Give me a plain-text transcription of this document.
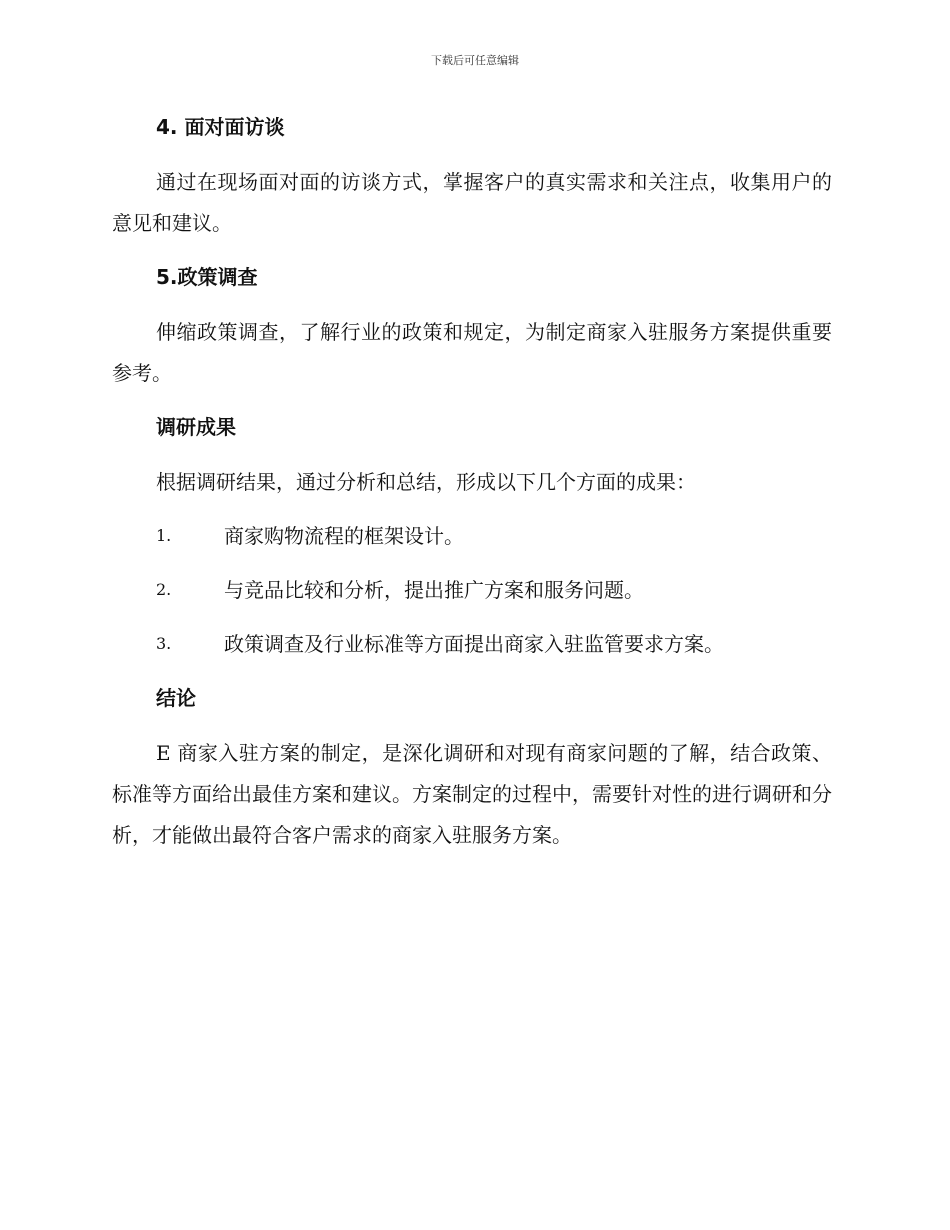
下载后可任意编辑
4. 面对面访谈

通过在现场面对面的访谈方式，掌握客户的真实需求和关注点，收集用户的意见和建议。

5.政策调查

伸缩政策调查，了解行业的政策和规定，为制定商家入驻服务方案提供重要参考。

调研成果

根据调研结果，通过分析和总结，形成以下几个方面的成果：

1.	商家购物流程的框架设计。
2.	与竞品比较和分析，提出推广方案和服务问题。
3.	政策调查及行业标准等方面提出商家入驻监管要求方案。
结论

E 商家入驻方案的制定，是深化调研和对现有商家问题的了解，结合政策、标准等方面给出最佳方案和建议。方案制定的过程中，需要针对性的进行调研和分析，才能做出最符合客户需求的商家入驻服务方案。
